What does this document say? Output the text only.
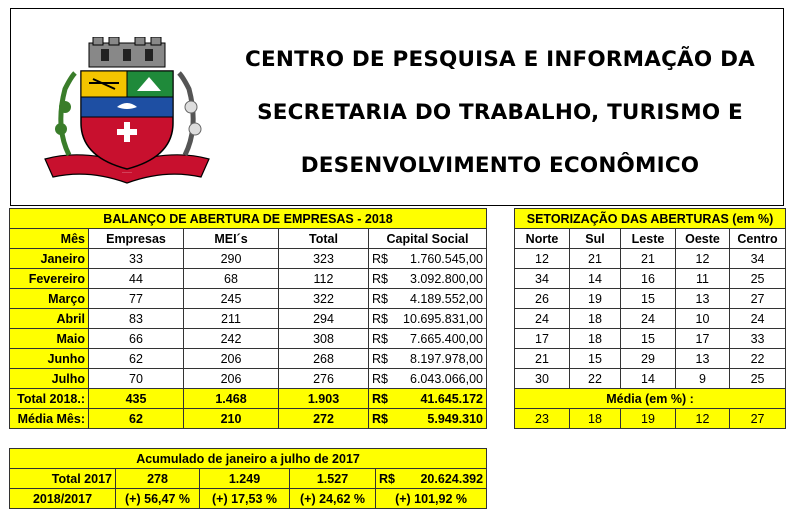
·····
CENTRO DE PESQUISA E INFORMAÇÃO DA
SECRETARIA DO TRABALHO, TURISMO E
DESENVOLVIMENTO ECONÔMICO
BALANÇO DE ABERTURA DE EMPRESAS - 2018				
Mês	Empresas	MEI´s	Total	Capital Social
Janeiro	33	290	323	R$ 1.760.545,00

Fevereiro	44	68	112	R$ 3.092.800,00

Março	77	245	322	R$ 4.189.552,00

Abril	83	211	294	R$ 10.695.831,00

Maio	66	242	308	R$ 7.665.400,00

Junho	62	206	268	R$ 8.197.978,00

Julho	70	206	276	R$ 6.043.066,00

Total 2018.:	435	1.468	1.903	R$ 41.645.172

Média Mês:	62	210	272	R$ 5.949.310
SETORIZAÇÃO DAS ABERTURAS (em %)				
Norte	Sul	Leste	Oeste	Centro
12	21	21	12	34
34	14	16	11	25
26	19	15	13	27
24	18	24	10	24
17	18	15	17	33
21	15	29	13	22
30	22	14	9	25
Média (em %) :				
23	18	19	12	27
Acumulado de janeiro a julho de 2017				
Total 2017	278	1.249	1.527	R$ 20.624.392

2018/2017	(+) 56,47 %	(+) 17,53 %	(+) 24,62 %	(+) 101,92 %
